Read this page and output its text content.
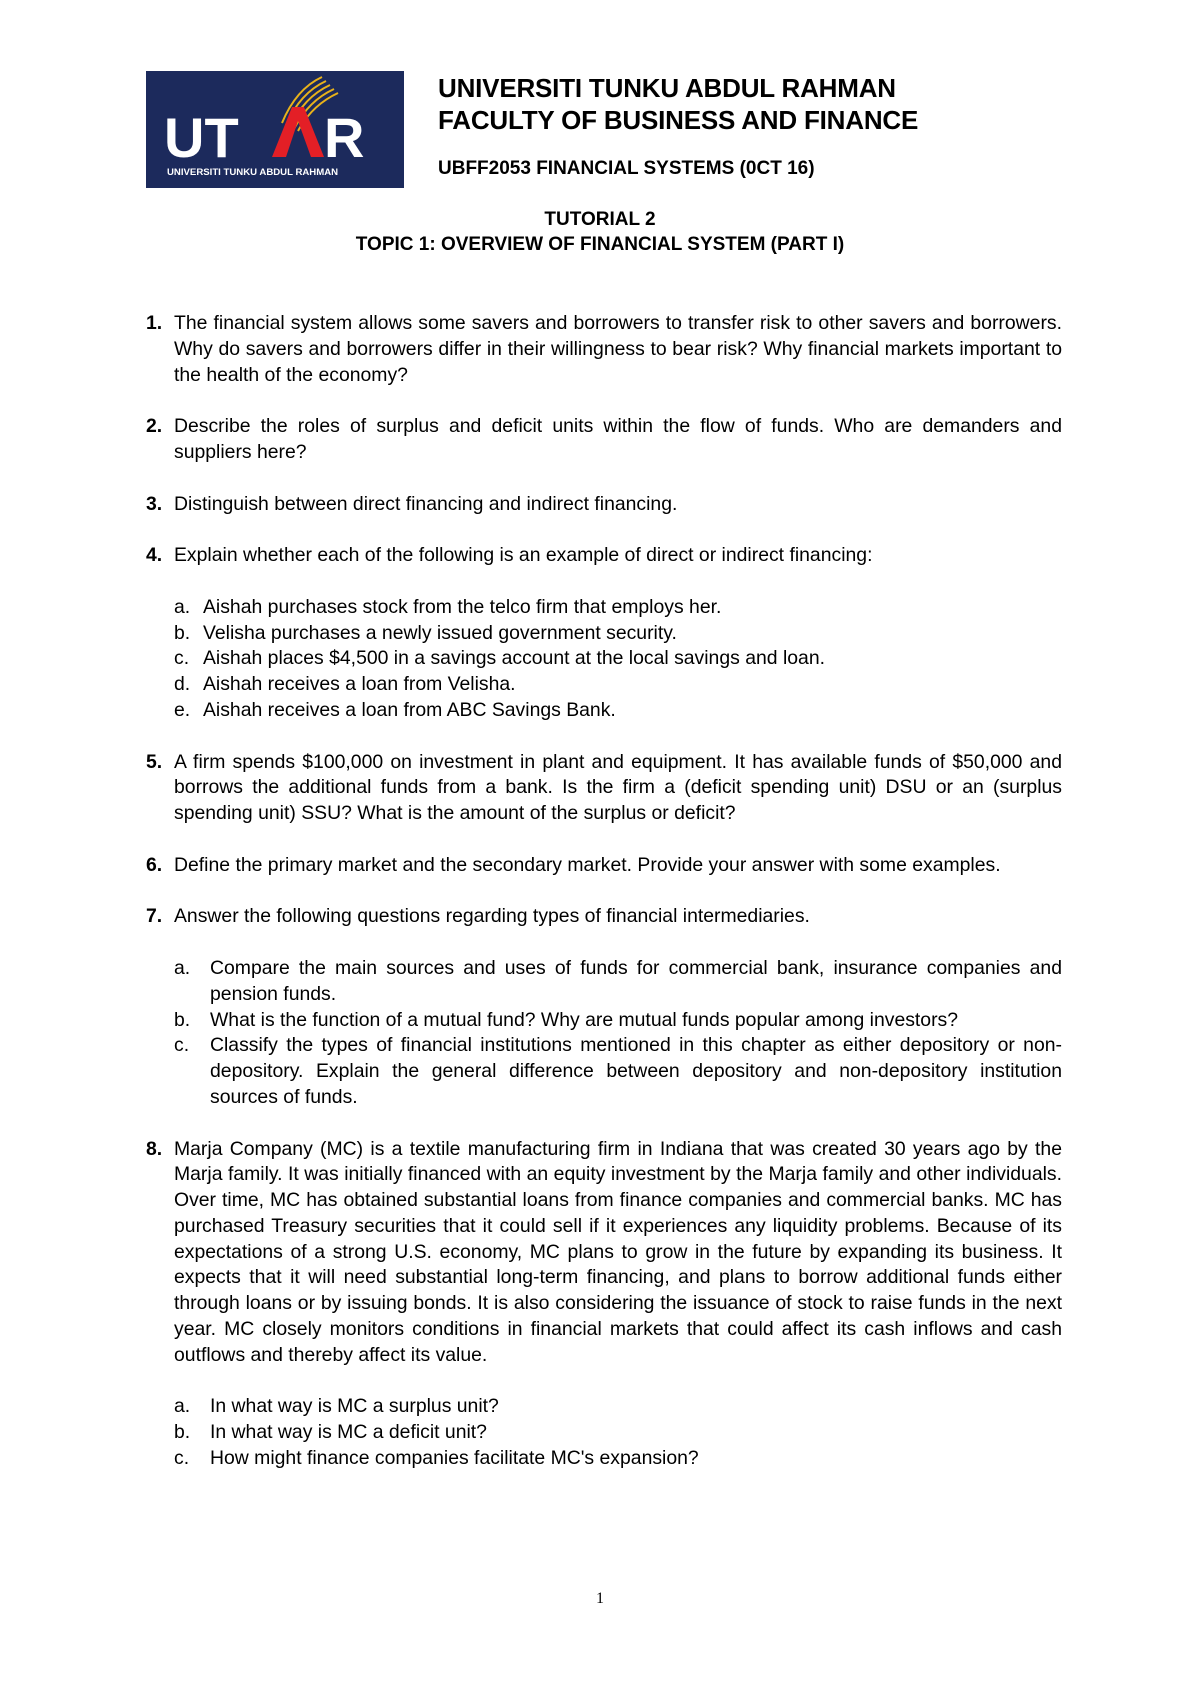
UT R
UNIVERSITI TUNKU ABDUL RAHMAN
UNIVERSITI TUNKU ABDUL RAHMAN
FACULTY OF BUSINESS AND FINANCE
UBFF2053 FINANCIAL SYSTEMS (0CT 16)
TUTORIAL 2
TOPIC 1: OVERVIEW OF FINANCIAL SYSTEM (PART I)
1. The financial system allows some savers and borrowers to transfer risk to other savers and borrowers. Why do savers and borrowers differ in their willingness to bear risk? Why financial markets important to the health of the economy?
2. Describe the roles of surplus and deficit units within the flow of funds. Who are demanders and suppliers here?
3. Distinguish between direct financing and indirect financing.
4. Explain whether each of the following is an example of direct or indirect financing:
a. Aishah purchases stock from the telco firm that employs her.
b. Velisha purchases a newly issued government security.
c. Aishah places $4,500 in a savings account at the local savings and loan.
d. Aishah receives a loan from Velisha.
e. Aishah receives a loan from ABC Savings Bank.
5. A firm spends $100,000 on investment in plant and equipment. It has available funds of $50,000 and borrows the additional funds from a bank. Is the firm a (deficit spending unit) DSU or an (surplus spending unit) SSU? What is the amount of the surplus or deficit?
6. Define the primary market and the secondary market. Provide your answer with some examples.
7. Answer the following questions regarding types of financial intermediaries.
a. Compare the main sources and uses of funds for commercial bank, insurance companies and pension funds.
b. What is the function of a mutual fund? Why are mutual funds popular among investors?
c. Classify the types of financial institutions mentioned in this chapter as either depository or non-depository. Explain the general difference between depository and non-depository institution sources of funds.
8. Marja Company (MC) is a textile manufacturing firm in Indiana that was created 30 years ago by the Marja family. It was initially financed with an equity investment by the Marja family and other individuals. Over time, MC has obtained substantial loans from finance companies and commercial banks. MC has purchased Treasury securities that it could sell if it experiences any liquidity problems. Because of its expectations of a strong U.S. economy, MC plans to grow in the future by expanding its business. It expects that it will need substantial long-term financing, and plans to borrow additional funds either through loans or by issuing bonds. It is also considering the issuance of stock to raise funds in the next year. MC closely monitors conditions in financial markets that could affect its cash inflows and cash outflows and thereby affect its value.
a. In what way is MC a surplus unit?
b. In what way is MC a deficit unit?
c. How might finance companies facilitate MC's expansion?
1
